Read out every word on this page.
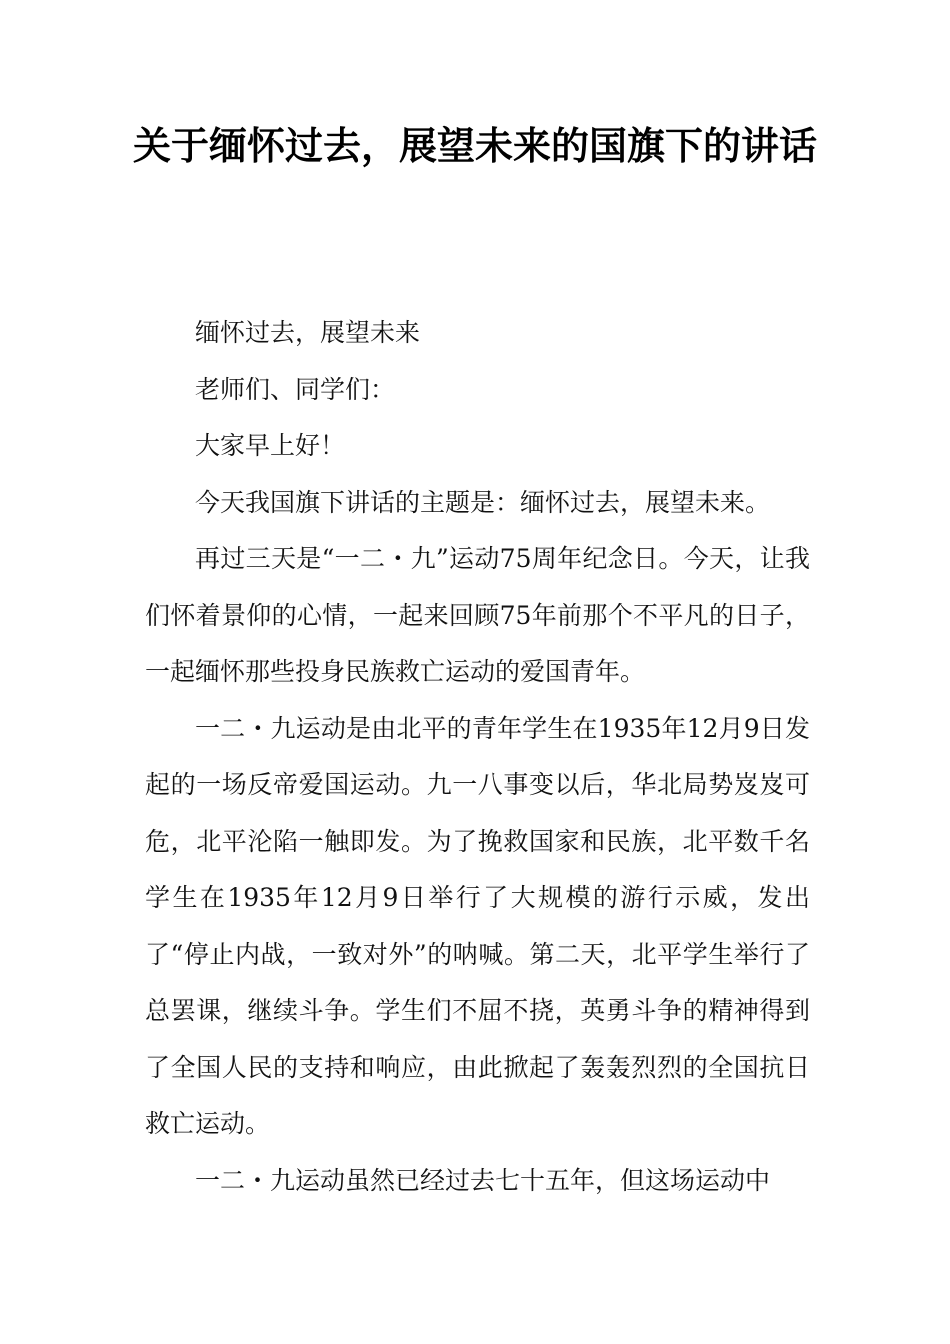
关于缅怀过去，展望未来的国旗下的讲话

缅怀过去，展望未来

老师们、同学们：

大家早上好！

今天我国旗下讲话的主题是：缅怀过去，展望未来。

再过三天是“一二・九”运动75周年纪念日。今天，让我们怀着景仰的心情，一起来回顾75年前那个不平凡的日子，一起缅怀那些投身民族救亡运动的爱国青年。

一二・九运动是由北平的青年学生在1935年12月9日发起的一场反帝爱国运动。九一八事变以后，华北局势岌岌可危，北平沦陷一触即发。为了挽救国家和民族，北平数千名学生在1935年12月9日举行了大规模的游行示威，发出了“停止内战，一致对外”的呐喊。第二天，北平学生举行了总罢课，继续斗争。学生们不屈不挠，英勇斗争的精神得到了全国人民的支持和响应，由此掀起了轰轰烈烈的全国抗日救亡运动。

一二・九运动虽然已经过去七十五年，但这场运动中
